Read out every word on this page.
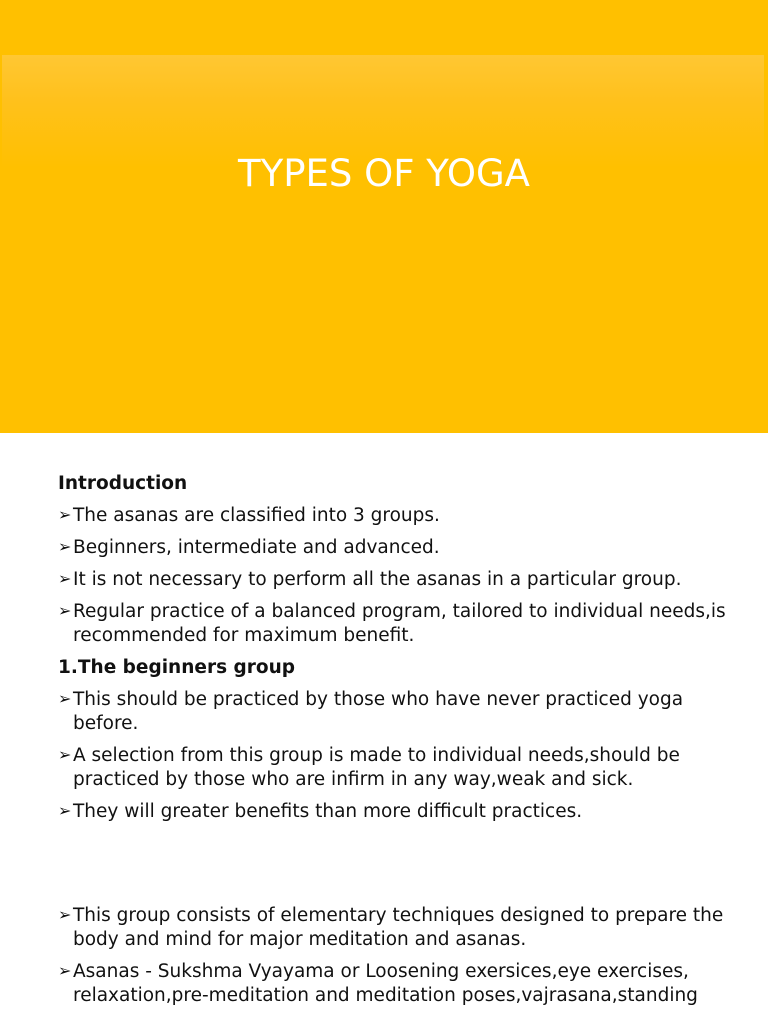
TYPES OF YOGA
Introduction
➢ The asanas are classified into 3 groups.
➢ Beginners, intermediate and advanced.
➢ It is not necessary to perform all the asanas in a particular group.
➢ Regular practice of a balanced program, tailored to individual needs,is recommended for maximum benefit.
1.The beginners group
➢ This should be practiced by those who have never practiced yoga before.
➢ A selection from this group is made to individual needs,should be practiced by those who are infirm in any way,weak and sick.
➢ They will greater benefits than more difficult practices.
➢ This group consists of elementary techniques designed to prepare the body and mind for major meditation and asanas.
➢ Asanas - Sukshma Vyayama or Loosening exersices,eye exercises, relaxation,pre-meditation and meditation poses,vajrasana,standing
